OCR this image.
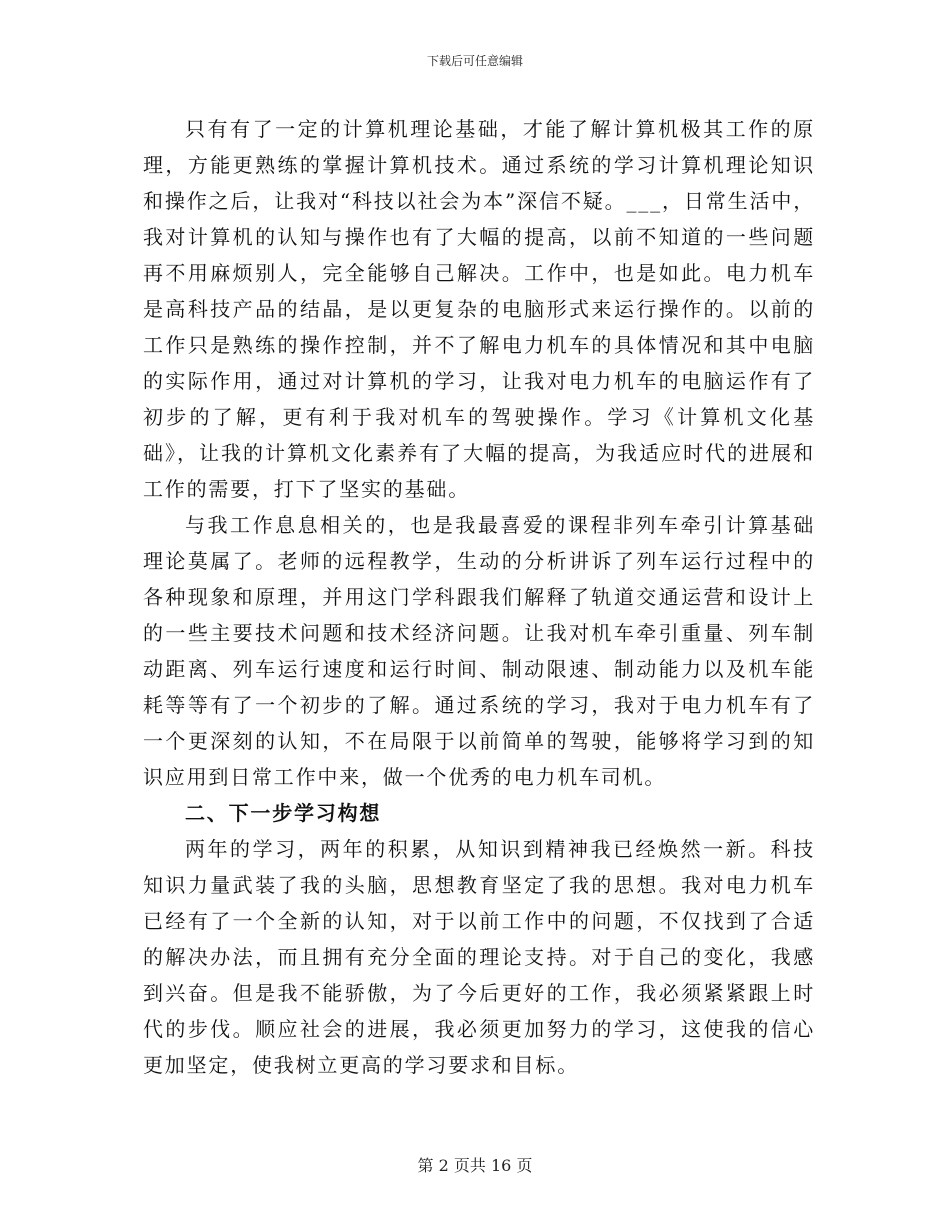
下载后可任意编辑

只有有了一定的计算机理论基础，才能了解计算机极其工作的原理，方能更熟练的掌握计算机技术。通过系统的学习计算机理论知识和操作之后，让我对“科技以社会为本”深信不疑。___，日常生活中，我对计算机的认知与操作也有了大幅的提高，以前不知道的一些问题再不用麻烦别人，完全能够自己解决。工作中，也是如此。电力机车是高科技产品的结晶，是以更复杂的电脑形式来运行操作的。以前的工作只是熟练的操作控制，并不了解电力机车的具体情况和其中电脑的实际作用，通过对计算机的学习，让我对电力机车的电脑运作有了初步的了解，更有利于我对机车的驾驶操作。学习《计算机文化基础》，让我的计算机文化素养有了大幅的提高，为我适应时代的进展和工作的需要，打下了坚实的基础。

与我工作息息相关的，也是我最喜爱的课程非列车牵引计算基础理论莫属了。老师的远程教学，生动的分析讲诉了列车运行过程中的各种现象和原理，并用这门学科跟我们解释了轨道交通运营和设计上的一些主要技术问题和技术经济问题。让我对机车牵引重量、列车制动距离、列车运行速度和运行时间、制动限速、制动能力以及机车能耗等等有了一个初步的了解。通过系统的学习，我对于电力机车有了一个更深刻的认知，不在局限于以前简单的驾驶，能够将学习到的知识应用到日常工作中来，做一个优秀的电力机车司机。

二、下一步学习构想

两年的学习，两年的积累，从知识到精神我已经焕然一新。科技知识力量武装了我的头脑，思想教育坚定了我的思想。我对电力机车已经有了一个全新的认知，对于以前工作中的问题，不仅找到了合适的解决办法，而且拥有充分全面的理论支持。对于自己的变化，我感到兴奋。但是我不能骄傲，为了今后更好的工作，我必须紧紧跟上时代的步伐。顺应社会的进展，我必须更加努力的学习，这使我的信心更加坚定，使我树立更高的学习要求和目标。

第 2 页共 16 页
